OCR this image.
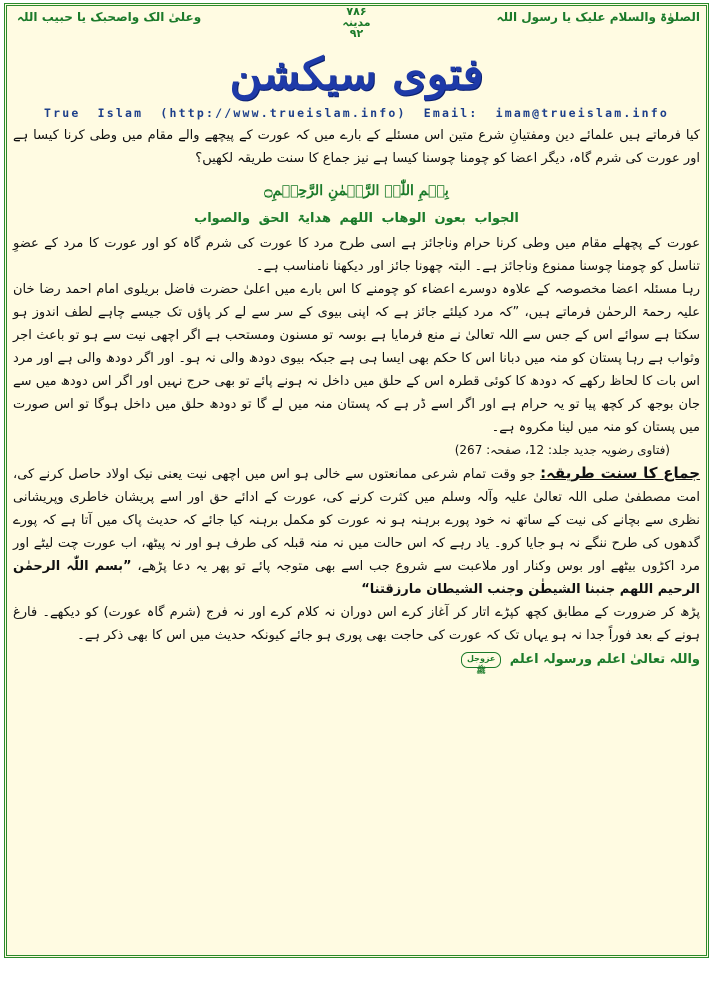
الصلوٰۃ والسلام علیک یا رسول اللہ
۷۸۶
مدینہ
۹۲
وعلیٰ الک واصحبک یا حبیب اللہ
فتوی سیکشن
True Islam (http://www.trueislam.info) Email: imam@trueislam.info
کیا فرماتے ہیں علمائے دین ومفتیانِ شرع متین اس مسئلے کے بارے میں کہ عورت کے پیچھے والے مقام میں وطی کرنا کیسا ہے اور عورت کی شرم گاہ، دیگر اعضا کو چومنا چوسنا کیسا ہے نیز جماع کا سنت طریقہ لکھیں؟
بِسۡمِ اللّٰہِ الرَّحۡمٰنِ الرَّحِیۡمِ۝
الجواب بعون الوھاب اللھم ھدایۃ الحق والصواب
عورت کے پچھلے مقام میں وطی کرنا حرام وناجائز ہے اسی طرح مرد کا عورت کی شرم گاہ کو اور عورت کا مرد کے عضوِ تناسل کو چومنا چوسنا ممنوع وناجائز ہے۔ البتہ چھونا جائز اور دیکھنا نامناسب ہے۔
رہا مسئلہ اعضا مخصوصہ کے علاوہ دوسرے اعضاء کو چومنے کا اس بارے میں اعلیٰ حضرت فاضل بریلوی امام احمد رضا خان علیہ رحمۃ الرحمٰن فرماتے ہیں، ”کہ مرد کیلئے جائز ہے کہ اپنی بیوی کے سر سے لے کر پاؤں تک جیسے چاہے لطف اندوز ہو سکتا ہے سوائے اس کے جس سے اللہ تعالیٰ نے منع فرمایا ہے بوسہ تو مسنون ومستحب ہے اگر اچھی نیت سے ہو تو باعث اجر وثواب ہے رہا پستان کو منہ میں دبانا اس کا حکم بھی ایسا ہی ہے جبکہ بیوی دودھ والی نہ ہو۔ اور اگر دودھ والی ہے اور مرد اس بات کا لحاظ رکھے کہ دودھ کا کوئی قطرہ اس کے حلق میں داخل نہ ہونے پائے تو بھی حرج نہیں اور اگر اس دودھ میں سے جان بوجھ کر کچھ پیا تو یہ حرام ہے اور اگر اسے ڈر ہے کہ پستان منہ میں لے گا تو دودھ حلق میں داخل ہوگا تو اس صورت میں پستان کو منہ میں لینا مکروہ ہے۔
(فتاوی رضویہ جدید جلد: 12، صفحہ: 267)
جماع کا سنت طریقہ: جو وقت تمام شرعی ممانعتوں سے خالی ہو اس میں اچھی نیت یعنی نیک اولاد حاصل کرنے کی، امت مصطفیٰ صلی اللہ تعالیٰ علیہ وآلہ وسلم میں کثرت کرنے کی، عورت کے ادائے حق اور اسے پریشان خاطری وپریشانی نظری سے بچانے کی نیت کے ساتھ نہ خود پورے برہنہ ہو نہ عورت کو مکمل برہنہ کیا جائے کہ حدیث پاک میں آتا ہے کہ پورے گدھوں کی طرح ننگے نہ ہو جایا کرو۔ یاد رہے کہ اس حالت میں نہ منہ قبلہ کی طرف ہو اور نہ پیٹھ، اب عورت چت لیٹے اور مرد اکڑوں بیٹھے اور بوس وکنار اور ملاعبت سے شروع جب اسے بھی متوجہ پائے تو پھر یہ دعا پڑھے، ”بسم اللّٰہ الرحمٰن الرحیم اللھم جنبنا الشیطٰن وجنب الشیطان مارزقتنا“
پڑھ کر ضرورت کے مطابق کچھ کپڑے اتار کر آغاز کرے اس دوران نہ کلام کرے اور نہ فرج (شرم گاہ عورت) کو دیکھے۔ فارغ ہونے کے بعد فوراً جدا نہ ہو یہاں تک کہ عورت کی حاجت بھی پوری ہو جائے کیونکہ حدیث میں اس کا بھی ذکر ہے۔
واللہ تعالیٰ اعلم ورسولہ اعلم عزوجل ﷺ
